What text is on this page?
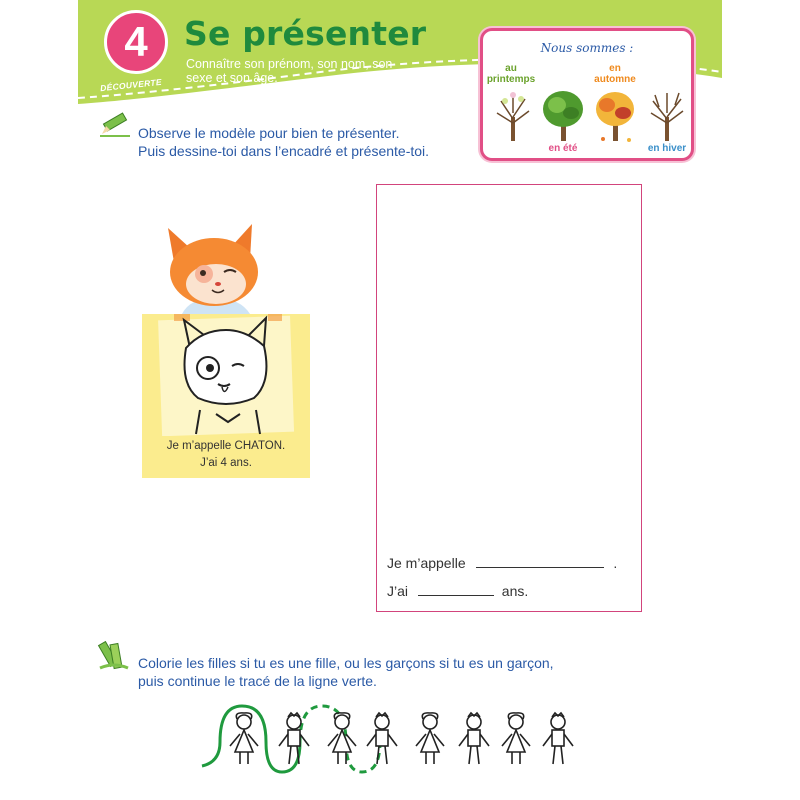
4	Se présenter
Connaître son prénom, son nom, son sexe et son âge.
DÉCOUVERTE
Nous sommes :
au printemps
en automne
en été	en hiver
Observe le modèle pour bien te présenter.
Puis dessine-toi dans l’encadré et présente-toi.
Je m’appelle CHATON.
J’ai 4 ans.
Je m’appelle	.
J’ai	ans.
Colorie les filles si tu es une fille, ou les garçons si tu es un garçon,
puis continue le tracé de la ligne verte.
